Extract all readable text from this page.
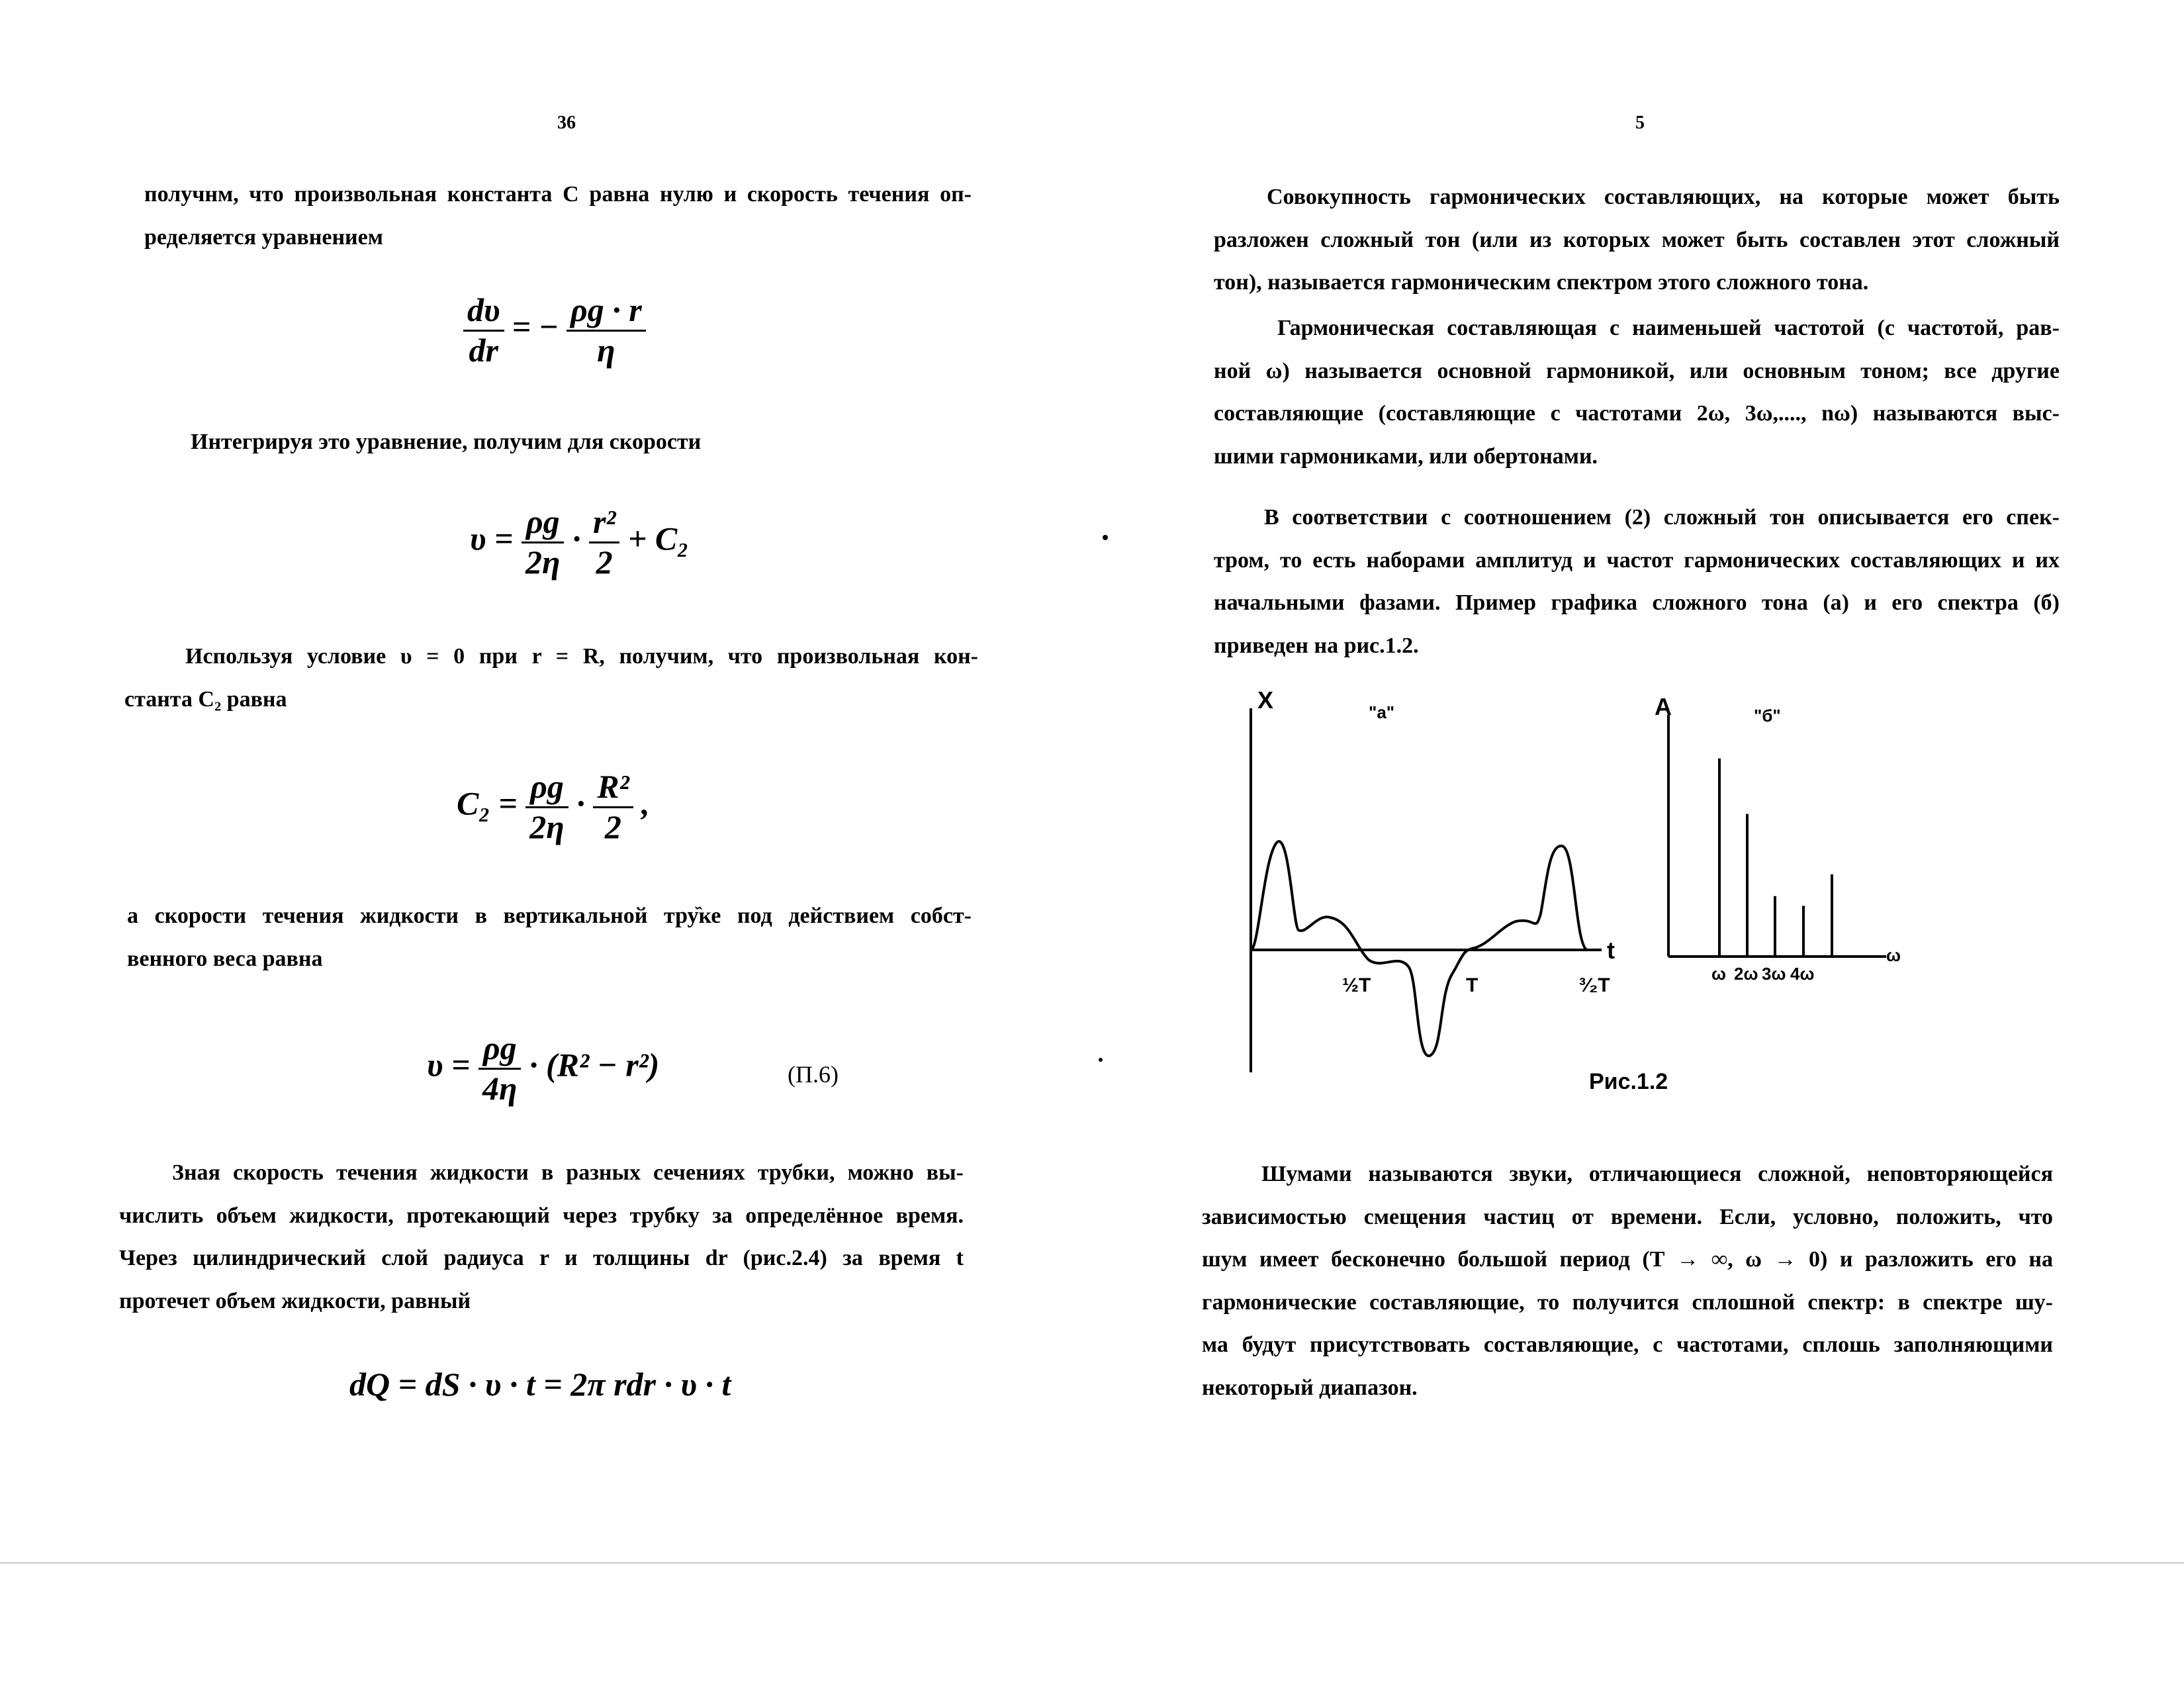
36

получнм, что произвольная константа C равна нулю и скорость течения оп-
ределяется уравнением

$\frac{d\upsilon}{dr}$ = − $\frac{\rho g \cdot r}{\eta}$

Интегрируя это уравнение, получим для скорости

$\upsilon = \frac{\rho g}{2\eta} \cdot \frac{\text{r²}}{2} + C_2$

Используя условие υ = 0 при r = R, получим, что произвольная кон-
станта C₂ равна

$C_2 = \frac{\rho g}{2\eta} \cdot \frac{\text{R²}}{2}$ ,

а скорости течения жидкости в вертикальной тру᷈ке под действием собст-
венного веса равна

$\upsilon = \frac{\rho g}{4\eta} \cdot (R^2 - r^2)$	(П.6)

Зная скорость течения жидкости в разных сечениях трубки, можно вы-
числить объем жидкости, протекающий через трубку за определённое время.
Через цилиндрический слой радиуса r и толщины dr (рис.2.4) за время t
протечет объем жидкости, равный

dQ = dS · υ · t = 2π rdr · υ · t
5

Совокупность гармонических составляющих, на которые может быть
разложен сложный тон (или из которых может быть составлен этот сложный
тон), называется гармоническим спектром этого сложного тона.

Гармоническая составляющая с наименьшей частотой (с частотой, рав-
ной ω) называется основной гармоникой, или основным тоном; все другие
составляющие (составляющие с частотами 2ω, 3ω,...., nω) называются выс-
шими гармониками, или обертонами.

В соответствии с соотношением (2) сложный тон описывается его спек-
тром, то есть наборами амплитуд и частот гармонических составляющих и их
начальными фазами. Пример графика сложного тона (а) и его спектра (б)
приведен на рис.1.2.

X
t
"a"
½T	T	³⁄₂T
A
ω
"б"
ω 2ω 3ω 4ω
Рис.1.2

Шумами называются звуки, отличающиеся сложной, неповторяющейся
зависимостью смещения частиц от времени. Если, условно, положить, что
шум имеет бесконечно большой период (T → ∞, ω → 0) и разложить его на
гармонические составляющие, то получится сплошной спектр: в спектре шу-
ма будут присутствовать составляющие, с частотами, сплошь заполняющими
некоторый диапазон.
